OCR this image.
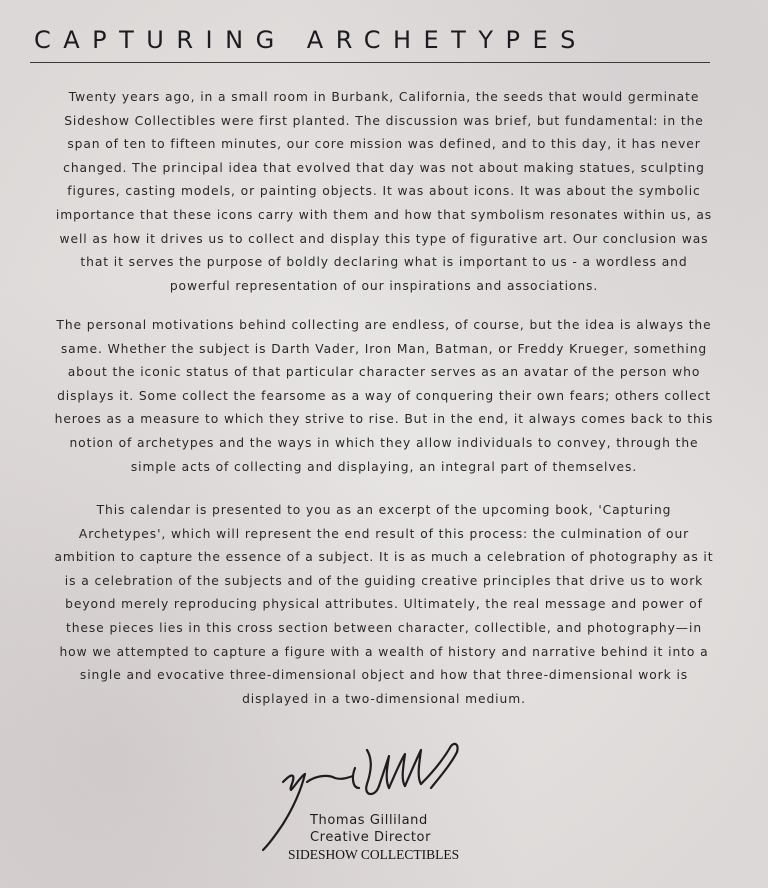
CAPTURING ARCHETYPES
Twenty years ago, in a small room in Burbank, California, the seeds that would germinate
Sideshow Collectibles were first planted. The discussion was brief, but fundamental: in the
span of ten to fifteen minutes, our core mission was defined, and to this day, it has never
changed. The principal idea that evolved that day was not about making statues, sculpting
figures, casting models, or painting objects. It was about icons. It was about the symbolic
importance that these icons carry with them and how that symbolism resonates within us, as
well as how it drives us to collect and display this type of figurative art. Our conclusion was
that it serves the purpose of boldly declaring what is important to us - a wordless and
powerful representation of our inspirations and associations.
The personal motivations behind collecting are endless, of course, but the idea is always the
same. Whether the subject is Darth Vader, Iron Man, Batman, or Freddy Krueger, something
about the iconic status of that particular character serves as an avatar of the person who
displays it. Some collect the fearsome as a way of conquering their own fears; others collect
heroes as a measure to which they strive to rise. But in the end, it always comes back to this
notion of archetypes and the ways in which they allow individuals to convey, through the
simple acts of collecting and displaying, an integral part of themselves.
This calendar is presented to you as an excerpt of the upcoming book, 'Capturing
Archetypes', which will represent the end result of this process: the culmination of our
ambition to capture the essence of a subject. It is as much a celebration of photography as it
is a celebration of the subjects and of the guiding creative principles that drive us to work
beyond merely reproducing physical attributes. Ultimately, the real message and power of
these pieces lies in this cross section between character, collectible, and photography—in
how we attempted to capture a figure with a wealth of history and narrative behind it into a
single and evocative three-dimensional object and how that three-dimensional work is
displayed in a two-dimensional medium.
Thomas Gilliland
Creative Director
SIDESHOW COLLECTIBLES
